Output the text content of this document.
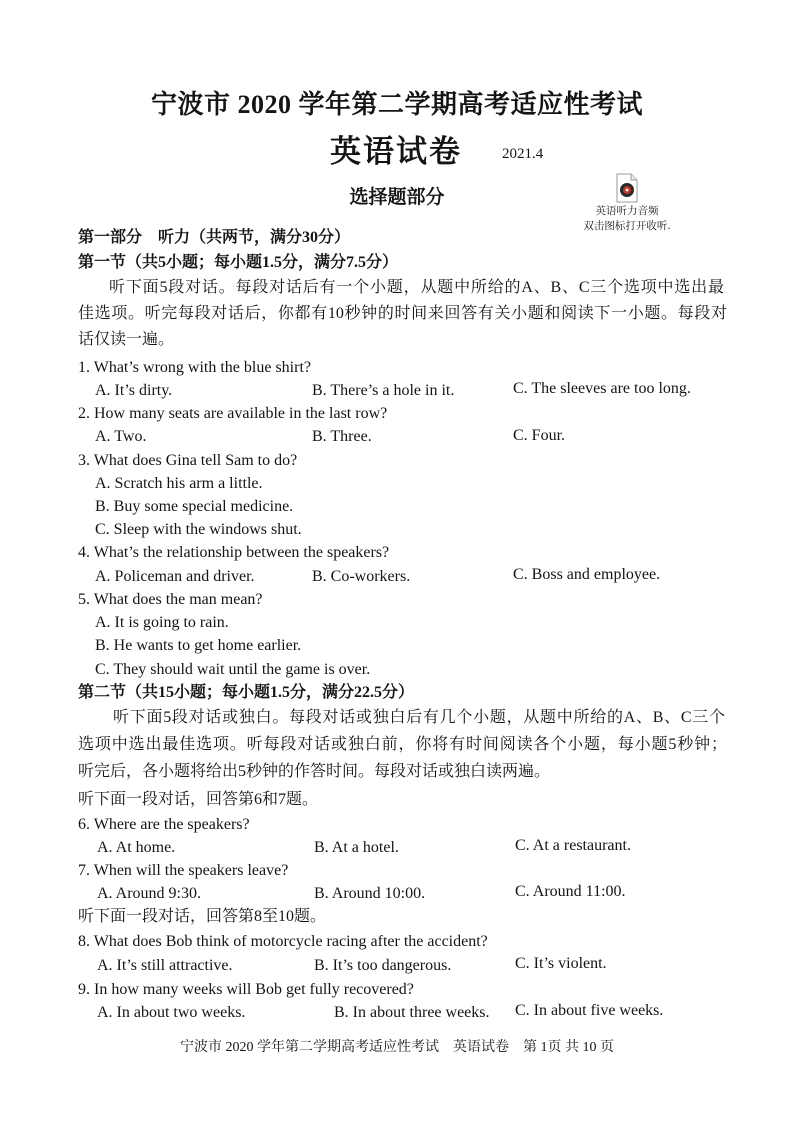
宁波市 2020 学年第二学期高考适应性考试
英语试卷	2021.4
选择题部分
英语听力音频
双击图标打开收听.
第一部分　听力（共两节，满分30分）
第一节（共5小题；每小题1.5分，满分7.5分）
听下面5段对话。每段对话后有一个小题，从题中所给的A、B、C三个选项中选出最
佳选项。听完每段对话后，你都有10秒钟的时间来回答有关小题和阅读下一小题。每段对
话仅读一遍。
1. What’s wrong with the blue shirt?
A. It’s dirty.	B. There’s a hole in it.	C. The sleeves are too long.
2. How many seats are available in the last row?
A. Two.	B. Three.	C. Four.
3. What does Gina tell Sam to do?
A. Scratch his arm a little.
B. Buy some special medicine.
C. Sleep with the windows shut.
4. What’s the relationship between the speakers?
A. Policeman and driver.	B. Co-workers.	C. Boss and employee.
5. What does the man mean?
A. It is going to rain.
B. He wants to get home earlier.
C. They should wait until the game is over.
第二节（共15小题；每小题1.5分，满分22.5分）
听下面5段对话或独白。每段对话或独白后有几个小题，从题中所给的A、B、C三个
选项中选出最佳选项。听每段对话或独白前，你将有时间阅读各个小题，每小题5秒钟；
听完后，各小题将给出5秒钟的作答时间。每段对话或独白读两遍。
听下面一段对话，回答第6和7题。
6. Where are the speakers?
A. At home.	B. At a hotel.	C. At a restaurant.
7. When will the speakers leave?
A. Around 9:30.	B. Around 10:00.	C. Around 11:00.
听下面一段对话，回答第8至10题。
8. What does Bob think of motorcycle racing after the accident?
A. It’s still attractive.	B. It’s too dangerous.	C. It’s violent.
9. In how many weeks will Bob get fully recovered?
A. In about two weeks.	B. In about three weeks. C. In about five weeks.
宁波市 2020 学年第二学期高考适应性考试　英语试卷　第 1页 共 10 页
